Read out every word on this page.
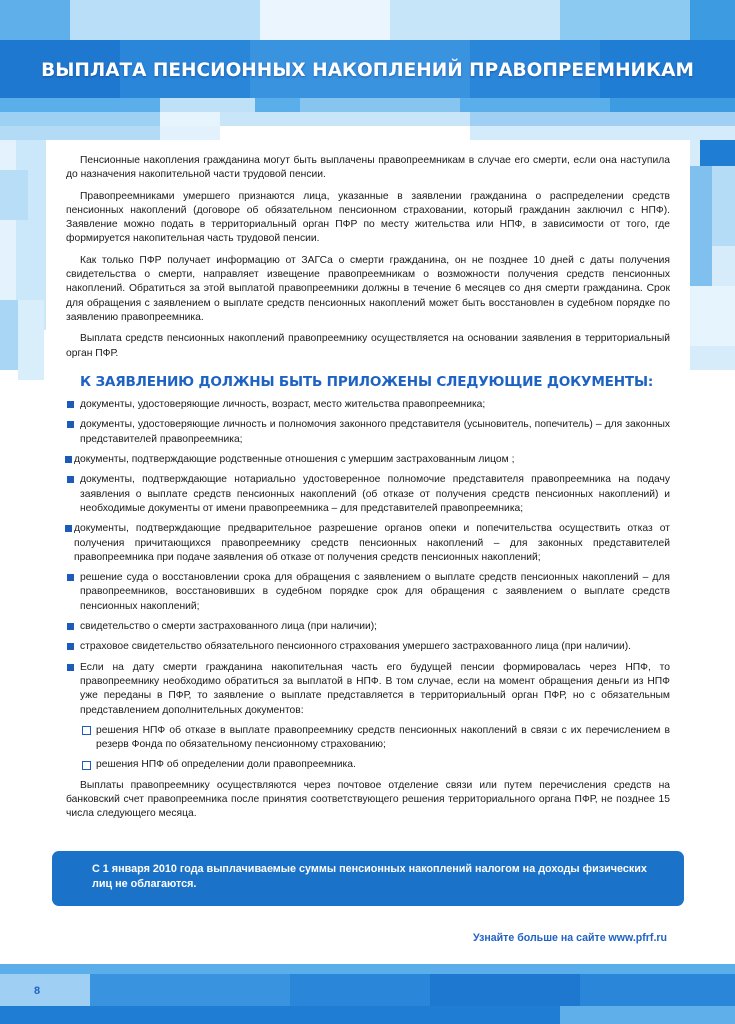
ВЫПЛАТА ПЕНСИОННЫХ НАКОПЛЕНИЙ ПРАВОПРЕЕМНИКАМ

Пенсионные накопления гражданина могут быть выплачены правопреемникам в случае его смерти, если она наступила до назначения накопительной части трудовой пенсии.

Правопреемниками умершего признаются лица, указанные в заявлении гражданина о распределении средств пенсионных накоплений (договоре об обязательном пенсионном страховании, который гражданин заключил с НПФ). Заявление можно подать в территориальный орган ПФР по месту жительства или НПФ, в зависимости от того, где формируется накопительная часть трудовой пенсии.

Как только ПФР получает информацию от ЗАГСа о смерти гражданина, он не позднее 10 дней с даты получения свидетельства о смерти, направляет извещение правопреемникам о возможности получения средств пенсионных накоплений. Обратиться за этой выплатой правопреемники должны в течение 6 месяцев со дня смерти гражданина. Срок для обращения с заявлением о выплате средств пенсионных накоплений может быть восстановлен в судебном порядке по заявлению правопреемника.

Выплата средств пенсионных накоплений правопреемнику осуществляется на основании заявления в территориальный орган ПФР.

К ЗАЯВЛЕНИЮ ДОЛЖНЫ БЫТЬ ПРИЛОЖЕНЫ СЛЕДУЮЩИЕ ДОКУМЕНТЫ:
документы, удостоверяющие личность, возраст, место жительства правопреемника;
документы, удостоверяющие личность и полномочия законного представителя (усыновитель, попечитель) – для законных представителей правопреемника;
документы, подтверждающие родственные отношения с умершим застрахованным лицом ;
документы, подтверждающие нотариально удостоверенное полномочие представителя правопреемника на подачу заявления о выплате средств пенсионных накоплений (об отказе от получения средств пенсионных накоплений) и необходимые документы от имени правопреемника – для представителей правопреемника;
документы, подтверждающие предварительное разрешение органов опеки и попечительства осуществить отказ от получения причитающихся правопреемнику средств пенсионных накоплений – для законных представителей правопреемника при подаче заявления об отказе от получения средств пенсионных накоплений;
решение суда о восстановлении срока для обращения с заявлением о выплате средств пенсионных накоплений – для правопреемников, восстановивших в судебном порядке срок для обращения с заявлением о выплате средств пенсионных накоплений;
свидетельство о смерти застрахованного лица (при наличии);
страховое свидетельство обязательного пенсионного страхования умершего застрахованного лица (при наличии).
Если на дату смерти гражданина накопительная часть его будущей пенсии формировалась через НПФ, то правопреемнику необходимо обратиться за выплатой в НПФ. В том случае, если на момент обращения деньги из НПФ уже переданы в ПФР, то заявление о выплате представляется в территориальный орган ПФР, но с обязательным представлением дополнительных документов:
решения НПФ об отказе в выплате правопреемнику средств пенсионных накоплений в связи с их перечислением в резерв Фонда по обязательному пенсионному страхованию;
решения НПФ об определении доли правопреемника.

Выплаты правопреемнику осуществляются через почтовое отделение связи или путем перечисления средств на банковский счет правопреемника после принятия соответствующего решения территориального органа ПФР, не позднее 15 числа следующего месяца.

С 1 января 2010 года выплачиваемые суммы пенсионных накоплений налогом на доходы физических лиц не облагаются.
Узнайте больше на сайте www.pfrf.ru
8
